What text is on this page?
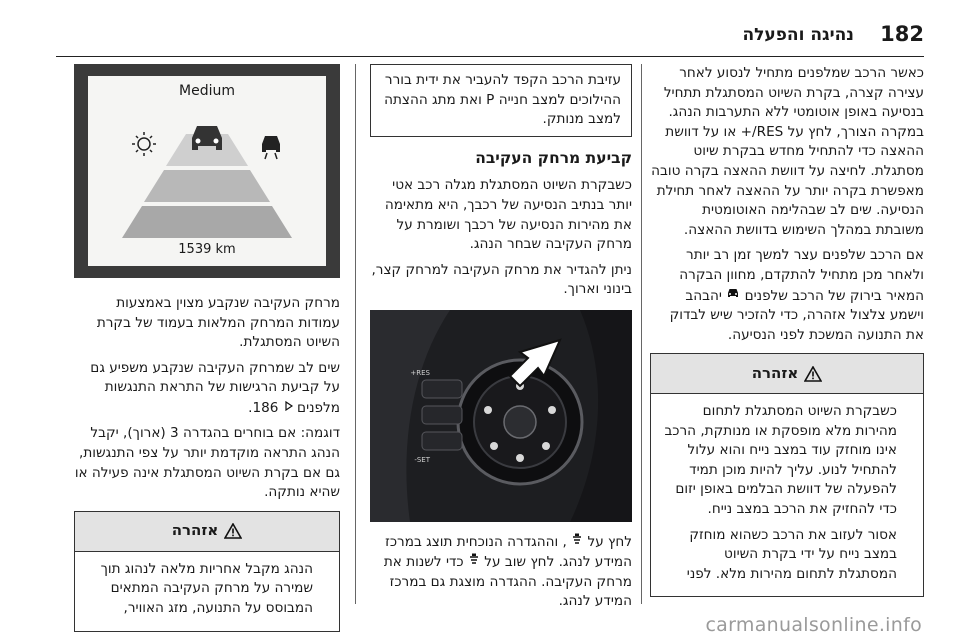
182
נהיגה והפעלה

כאשר הרכב שמלפנים מתחיל לנסוע לאחר עצירה קצרה, בקרת השיוט המסתגלת תתחיל בנסיעה באופן אוטומטי ללא התערבות הנהג. במקרה הצורך, לחץ על RES/+ או על דוושת ההאצה כדי להתחיל מחדש בבקרת שיוט מסתגלת. לחיצה על דוושת ההאצה בקרה טובה מאפשרת בקרה יותר על ההאצה לאחר תחילת הנסיעה. שים לב שבהלימה האוטומטית משובתת במהלך השימוש בדוושת ההאצה.

אם הרכב שלפנים עצר למשך זמן רב יותר ולאחר מכן מתחיל להתקדם, מחוון הבקרה המאיר בירוק של הרכב שלפנים  יהבהב וישמע צלצול אזהרה, כדי להזכיר שיש לבדוק את התנועה המשכת לפני הנסיעה.

אזהרה

כשבקרת השיוט המסתגלת לתחום מהירות מלא מופסקת או מנותקת, הרכב אינו מוחזק עוד במצב נייח והוא עלול להתחיל לנוע. עליך להיות מוכן תמיד להפעלה של דוושת הבלמים באופן יזום כדי להחזיק את הרכב במצב נייח.

אסור לעזוב את הרכב כשהוא מוחזק במצב נייח על ידי בקרת השיוט המסתגלת לתחום מהירות מלא. לפני

עזיבת הרכב הקפד להעביר את ידית בורר ההילוכים למצב חנייה P ואת מתג ההצתה למצב מנותק.

קביעת מרחק העקיבה

כשבקרת השיוט המסתגלת מגלה רכב אטי יותר בנתיב הנסיעה של רכבך, היא מתאימה את מהירות הנסיעה של רכבך ושומרת על מרחק העקיבה שבחר הנהג.

ניתן להגדיר את מרחק העקיבה למרחק קצר, בינוני וארוך.

RES+
SET-

לחץ על  , וההגדרה הנוכחית תוצג במרכז המידע לנהג. לחץ שוב על  כדי לשנות את מרחק העקיבה. ההגדרה מוצגת גם במרכז המידע לנהג.

Medium
1539 km

מרחק העקיבה שנקבע מצוין באמצעות עמודות המרחק המלאות בעמוד של בקרת השיוט המסתגלת.

שים לב שמרחק העקיבה שנקבע משפיע גם על קביעת הרגישות של התראת התנגשות מלפנים  186.

דוגמה: אם בוחרים בהגדרה 3 (ארוך), יקבל הנהג התראה מוקדמת יותר על צפי התנגשות, גם אם בקרת השיוט המסתגלת אינה פעילה או שהיא נותקה.

אזהרה

הנהג מקבל אחריות מלאה לנהוג תוך שמירה על מרחק העקיבה המתאים המבוסס על התנועה, מזג האוויר,

carmanualsonline.info
